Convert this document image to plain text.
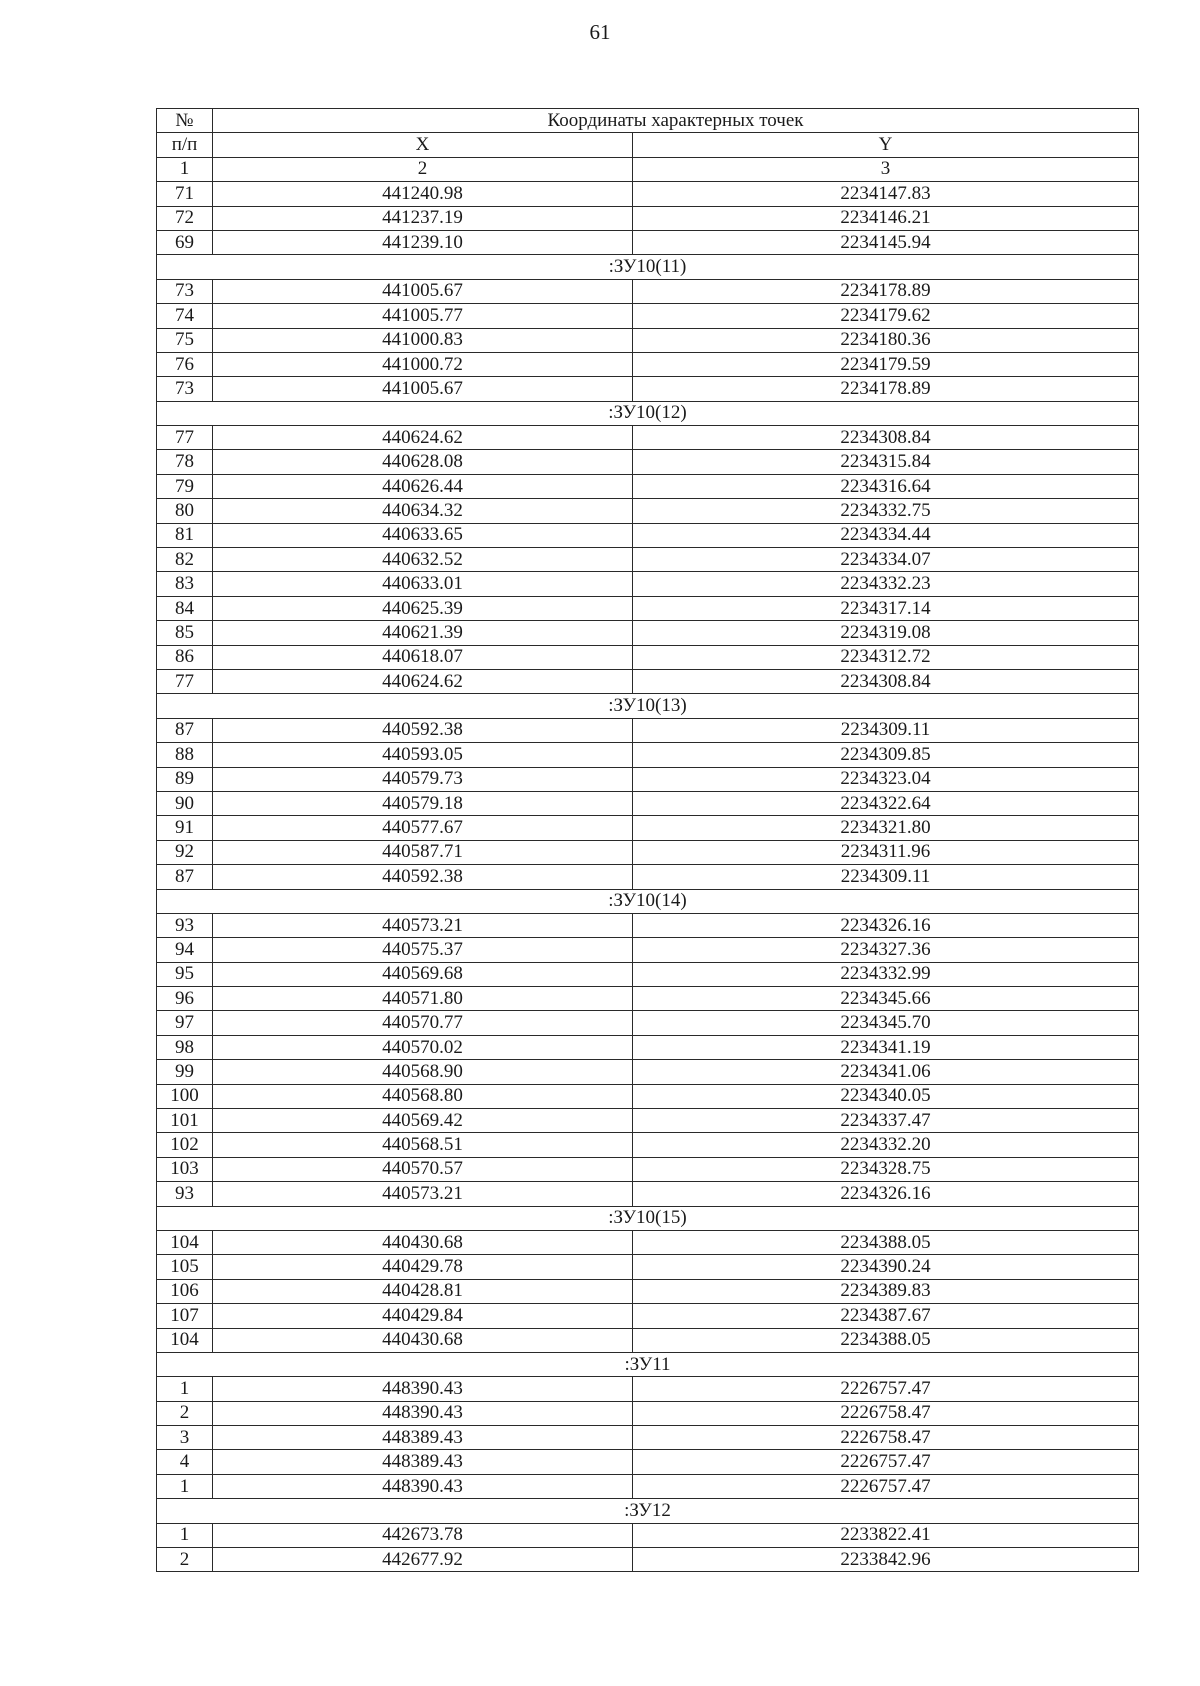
61
№	Координаты характерных точек	
п/п	X	Y
1	2	3
71	441240.98	2234147.83
72	441237.19	2234146.21
69	441239.10	2234145.94
:ЗУ10(11)		
73	441005.67	2234178.89
74	441005.77	2234179.62
75	441000.83	2234180.36
76	441000.72	2234179.59
73	441005.67	2234178.89
:ЗУ10(12)		
77	440624.62	2234308.84
78	440628.08	2234315.84
79	440626.44	2234316.64
80	440634.32	2234332.75
81	440633.65	2234334.44
82	440632.52	2234334.07
83	440633.01	2234332.23
84	440625.39	2234317.14
85	440621.39	2234319.08
86	440618.07	2234312.72
77	440624.62	2234308.84
:ЗУ10(13)		
87	440592.38	2234309.11
88	440593.05	2234309.85
89	440579.73	2234323.04
90	440579.18	2234322.64
91	440577.67	2234321.80
92	440587.71	2234311.96
87	440592.38	2234309.11
:ЗУ10(14)		
93	440573.21	2234326.16
94	440575.37	2234327.36
95	440569.68	2234332.99
96	440571.80	2234345.66
97	440570.77	2234345.70
98	440570.02	2234341.19
99	440568.90	2234341.06
100	440568.80	2234340.05
101	440569.42	2234337.47
102	440568.51	2234332.20
103	440570.57	2234328.75
93	440573.21	2234326.16
:ЗУ10(15)		
104	440430.68	2234388.05
105	440429.78	2234390.24
106	440428.81	2234389.83
107	440429.84	2234387.67
104	440430.68	2234388.05
:ЗУ11		
1	448390.43	2226757.47
2	448390.43	2226758.47
3	448389.43	2226758.47
4	448389.43	2226757.47
1	448390.43	2226757.47
:ЗУ12		
1	442673.78	2233822.41
2	442677.92	2233842.96
